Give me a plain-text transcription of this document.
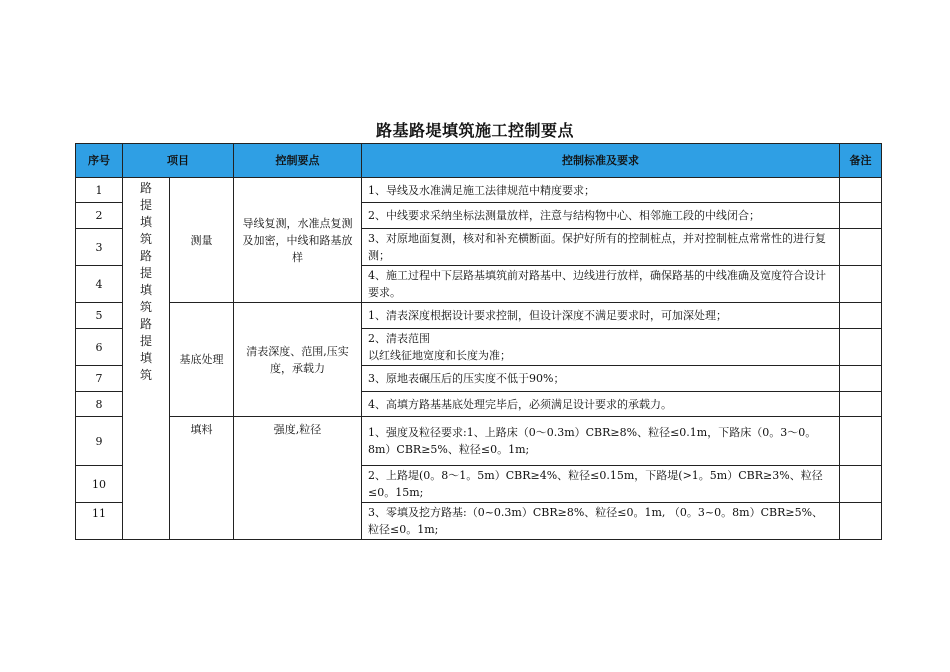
路基路堤填筑施工控制要点
序号	项目		控制要点	控制标准及要求	备注
1	路提填筑路提填筑路提填筑	测量	导线复测，水准点复测及加密，中线和路基放样	1、导线及水准满足施工法律规范中精度要求；	
2				2、中线要求采纳坐标法测量放样，注意与结构物中心、相邻施工段的中线闭合；	
3				3、对原地面复测，核对和补充横断面。保护好所有的控制桩点，并对控制桩点常常性的进行复测；	
4				4、施工过程中下层路基填筑前对路基中、边线进行放样，确保路基的中线准确及宽度符合设计要求。	
5		基底处理	清表深度、范围,压实度，承载力	1、清表深度根据设计要求控制，但设计深度不满足要求时，可加深处理；	
6				2、清表范围
以红线征地宽度和长度为准；	
7				3、原地表碾压后的压实度不低于90%；	
8				4、高填方路基基底处理完毕后，必须满足设计要求的承载力。	
9		填料	强度,粒径	1、强度及粒径要求:1、上路床（0～0.3m）CBR≥8%、粒径≤0.1m，下路床（0。3～0。8m）CBR≥5%、粒径≤0。1m;	
10				2、上路堤(0。8～1。5m）CBR≥4%、粒径≤0.15m，下路堤(>1。5m）CBR≥3%、粒径≤0。15m;	
11				3、零填及挖方路基:（0~0.3m）CBR≥8%、粒径≤0。1m, （0。3~0。8m）CBR≥5%、粒径≤0。1m;	
